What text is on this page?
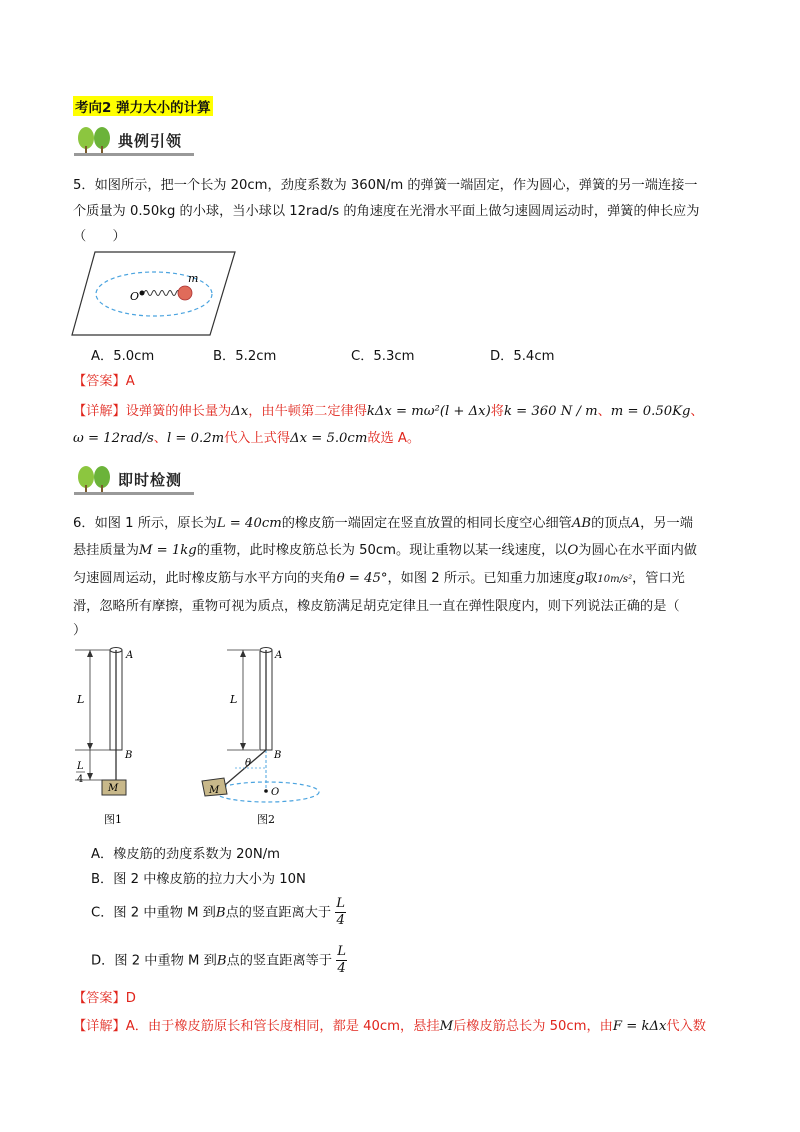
考向2 弹力大小的计算
典例引领
5．如图所示，把一个长为 20cm，劲度系数为 360N/m 的弹簧一端固定，作为圆心，弹簧的另一端连接一
个质量为 0.50kg 的小球，当小球以 12rad/s 的角速度在光滑水平面上做匀速圆周运动时，弹簧的伸长应为
（　　）
m
O
A．5.0cm	B．5.2cm	C．5.3cm	D．5.4cm
【答案】A
【详解】设弹簧的伸长量为Δx，由牛顿第二定律得kΔx = mω²(l + Δx)将k = 360 N / m、m = 0.50Kg、
ω = 12rad/s、l = 0.2m代入上式得Δx = 5.0cm故选 A。
即时检测
6．如图 1 所示，原长为L = 40cm的橡皮筋一端固定在竖直放置的相同长度空心细管AB的顶点A，另一端
悬挂质量为M = 1kg的重物，此时橡皮筋总长为 50cm。现让重物以某一线速度，以O为圆心在水平面内做
匀速圆周运动，此时橡皮筋与水平方向的夹角θ = 45°，如图 2 所示。已知重力加速度g取10m/s²，管口光
滑，忽略所有摩擦，重物可视为质点，橡皮筋满足胡克定律且一直在弹性限度内，则下列说法正确的是（
）
L
L
4
A
B
M
图1
A
L
B
θ
M	O
图2
A．橡皮筋的劲度系数为 20N/m
B．图 2 中橡皮筋的拉力大小为 10N
C．图 2 中重物 M 到B点的竖直距离大于 $\frac{L}{4}$
D．图 2 中重物 M 到B点的竖直距离等于 $\frac{L}{4}$
【答案】D
【详解】A．由于橡皮筋原长和管长度相同，都是 40cm，悬挂M后橡皮筋总长为 50cm，由F = kΔx代入数
